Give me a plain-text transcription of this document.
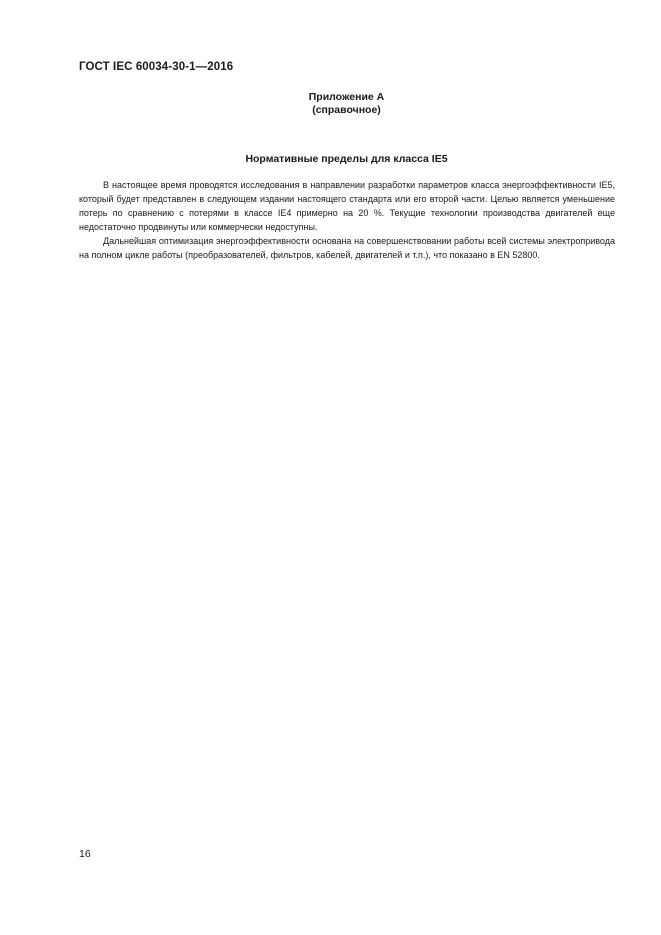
ГОСТ IEC 60034-30-1—2016
Приложение А
(справочное)
Нормативные пределы для класса IE5

В настоящее время проводятся исследования в направлении разработки параметров класса энергоэффективности IE5, который будет представлен в следующем издании настоящего стандарта или его второй части. Целью является уменьшение потерь по сравнению с потерями в классе IE4 примерно на 20 %. Текущие технологии производства двигателей еще недостаточно продвинуты или коммерчески недоступны.

Дальнейшая оптимизация энергоэффективности основана на совершенствовании работы всей системы электропривода на полном цикле работы (преобразователей, фильтров, кабелей, двигателей и т.п.), что показано в EN 52800.

16
